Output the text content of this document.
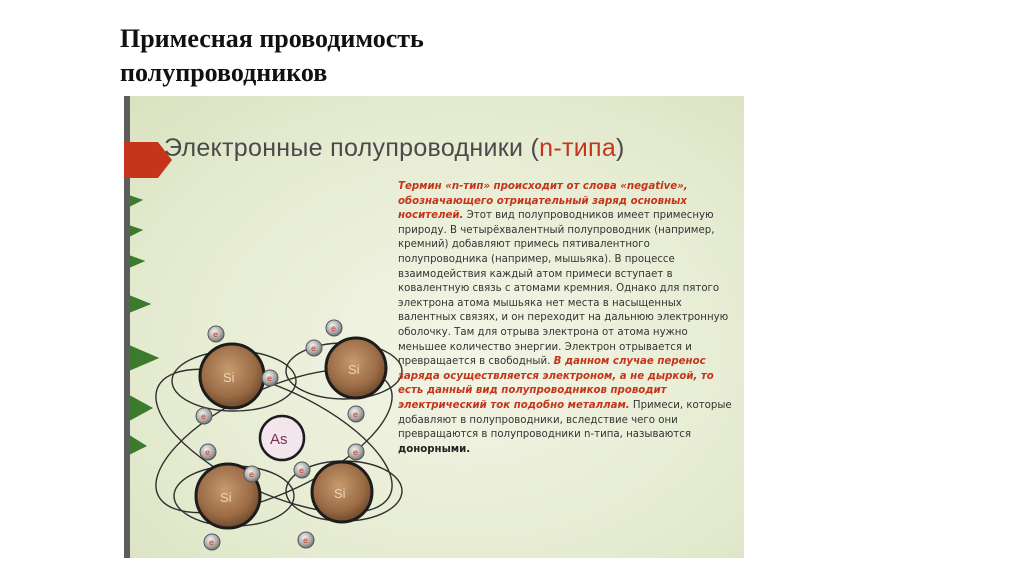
Примесная проводимость
полупроводников
Электронные полупроводники (n-типа)
Si
Si
Si	Si
As
e
e
e
e
e
e
e	e
e	e
e
e
Термин «n-тип» происходит от слова «negative», обозначающего отрицательный заряд основных носителей. Этот вид полупроводников имеет примесную природу. В четырёхвалентный полупроводник (например, кремний) добавляют примесь пятивалентного полупроводника (например, мышьяка). В процессе взаимодействия каждый атом примеси вступает в ковалентную связь с атомами кремния. Однако для пятого электрона атома мышьяка нет места в насыщенных валентных связях, и он переходит на дальнюю электронную оболочку. Там для отрыва электрона от атома нужно меньшее количество энергии. Электрон отрывается и превращается в свободный. В данном случае перенос заряда осуществляется электроном, а не дыркой, то есть данный вид полупроводников проводит электрический ток подобно металлам. Примеси, которые добавляют в полупроводники, вследствие чего они превращаются в полупроводники n-типа, называются донорными.
